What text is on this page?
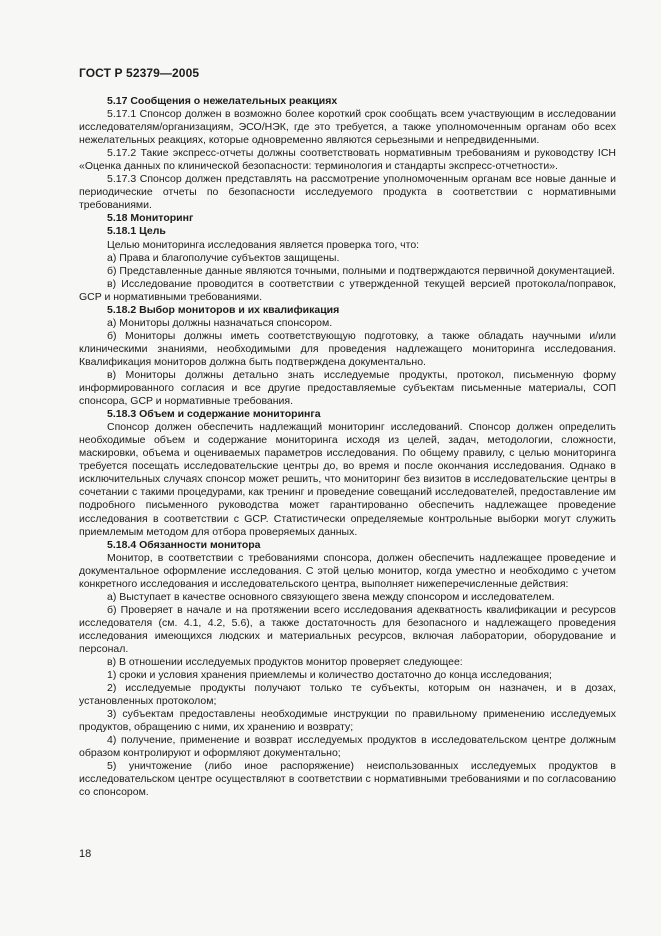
ГОСТ Р 52379—2005

5.17 Сообщения о нежелательных реакциях

5.17.1 Спонсор должен в возможно более короткий срок сообщать всем участвующим в исследовании исследователям/организациям, ЭСО/НЭК, где это требуется, а также уполномоченным органам обо всех нежелательных реакциях, которые одновременно являются серьезными и непредвиденными.

5.17.2 Такие экспресс-отчеты должны соответствовать нормативным требованиям и руководству ICH «Оценка данных по клинической безопасности: терминология и стандарты экспресс-отчетности».

5.17.3 Спонсор должен представлять на рассмотрение уполномоченным органам все новые данные и периодические отчеты по безопасности исследуемого продукта в соответствии с нормативными требованиями.

5.18 Мониторинг

5.18.1 Цель

Целью мониторинга исследования является проверка того, что:

а) Права и благополучие субъектов защищены.

б) Представленные данные являются точными, полными и подтверждаются первичной документацией.

в) Исследование проводится в соответствии с утвержденной текущей версией протокола/поправок, GCP и нормативными требованиями.

5.18.2 Выбор мониторов и их квалификация

а) Мониторы должны назначаться спонсором.

б) Мониторы должны иметь соответствующую подготовку, а также обладать научными и/или клиническими знаниями, необходимыми для проведения надлежащего мониторинга исследования. Квалификация мониторов должна быть подтверждена документально.

в) Мониторы должны детально знать исследуемые продукты, протокол, письменную форму информированного согласия и все другие предоставляемые субъектам письменные материалы, СОП спонсора, GCP и нормативные требования.

5.18.3 Объем и содержание мониторинга

Спонсор должен обеспечить надлежащий мониторинг исследований. Спонсор должен определить необходимые объем и содержание мониторинга исходя из целей, задач, методологии, сложности, маскировки, объема и оцениваемых параметров исследования. По общему правилу, с целью мониторинга требуется посещать исследовательские центры до, во время и после окончания исследования. Однако в исключительных случаях спонсор может решить, что мониторинг без визитов в исследовательские центры в сочетании с такими процедурами, как тренинг и проведение совещаний исследователей, предоставление им подробного письменного руководства может гарантированно обеспечить надлежащее проведение исследования в соответствии с GCP. Статистически определяемые контрольные выборки могут служить приемлемым методом для отбора проверяемых данных.

5.18.4 Обязанности монитора

Монитор, в соответствии с требованиями спонсора, должен обеспечить надлежащее проведение и документальное оформление исследования. С этой целью монитор, когда уместно и необходимо с учетом конкретного исследования и исследовательского центра, выполняет нижеперечисленные действия:

а) Выступает в качестве основного связующего звена между спонсором и исследователем.

б) Проверяет в начале и на протяжении всего исследования адекватность квалификации и ресурсов исследователя (см. 4.1, 4.2, 5.6), а также достаточность для безопасного и надлежащего проведения исследования имеющихся людских и материальных ресурсов, включая лаборатории, оборудование и персонал.

в) В отношении исследуемых продуктов монитор проверяет следующее:

1) сроки и условия хранения приемлемы и количество достаточно до конца исследования;

2) исследуемые продукты получают только те субъекты, которым он назначен, и в дозах, установленных протоколом;

3) субъектам предоставлены необходимые инструкции по правильному применению исследуемых продуктов, обращению с ними, их хранению и возврату;

4) получение, применение и возврат исследуемых продуктов в исследовательском центре должным образом контролируют и оформляют документально;

5) уничтожение (либо иное распоряжение) неиспользованных исследуемых продуктов в исследовательском центре осуществляют в соответствии с нормативными требованиями и по согласованию со спонсором.

18
